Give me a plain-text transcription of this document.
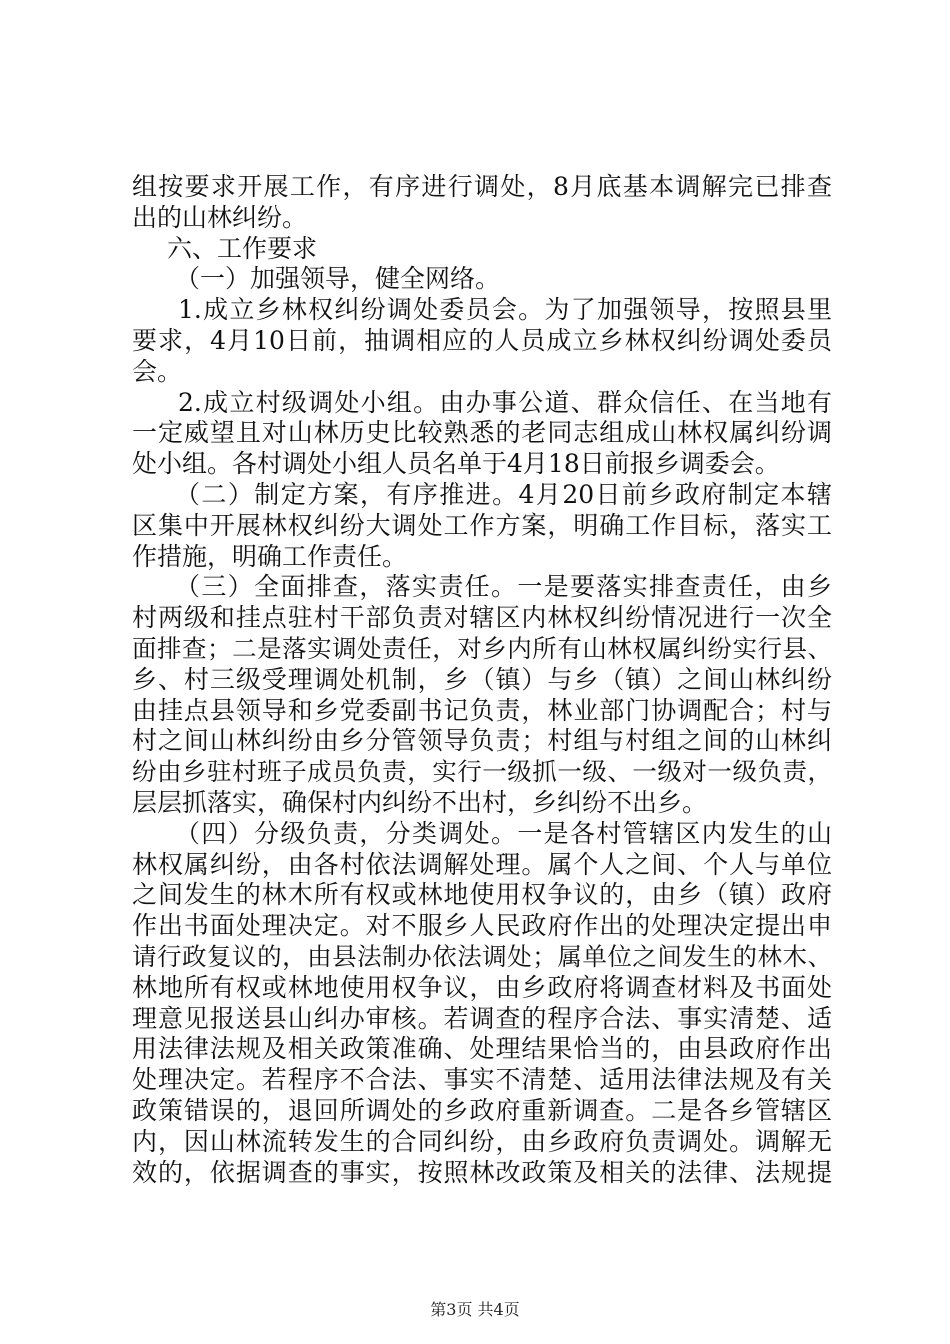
组按要求开展工作，有序进行调处，8月底基本调解完已排查
出的山林纠纷。
六、工作要求
（一）加强领导，健全网络。
1.成立乡林权纠纷调处委员会。为了加强领导，按照县里
要求，4月10日前，抽调相应的人员成立乡林权纠纷调处委员
会。
2.成立村级调处小组。由办事公道、群众信任、在当地有
一定威望且对山林历史比较熟悉的老同志组成山林权属纠纷调
处小组。各村调处小组人员名单于4月18日前报乡调委会。
（二）制定方案，有序推进。4月20日前乡政府制定本辖
区集中开展林权纠纷大调处工作方案，明确工作目标，落实工
作措施，明确工作责任。
（三）全面排查，落实责任。一是要落实排查责任，由乡
村两级和挂点驻村干部负责对辖区内林权纠纷情况进行一次全
面排查；二是落实调处责任，对乡内所有山林权属纠纷实行县、
乡、村三级受理调处机制，乡（镇）与乡（镇）之间山林纠纷
由挂点县领导和乡党委副书记负责，林业部门协调配合；村与
村之间山林纠纷由乡分管领导负责；村组与村组之间的山林纠
纷由乡驻村班子成员负责，实行一级抓一级、一级对一级负责，
层层抓落实，确保村内纠纷不出村，乡纠纷不出乡。
（四）分级负责，分类调处。一是各村管辖区内发生的山
林权属纠纷，由各村依法调解处理。属个人之间、个人与单位
之间发生的林木所有权或林地使用权争议的，由乡（镇）政府
作出书面处理决定。对不服乡人民政府作出的处理决定提出申
请行政复议的，由县法制办依法调处；属单位之间发生的林木、
林地所有权或林地使用权争议，由乡政府将调查材料及书面处
理意见报送县山纠办审核。若调查的程序合法、事实清楚、适
用法律法规及相关政策准确、处理结果恰当的，由县政府作出
处理决定。若程序不合法、事实不清楚、适用法律法规及有关
政策错误的，退回所调处的乡政府重新调查。二是各乡管辖区
内，因山林流转发生的合同纠纷，由乡政府负责调处。调解无
效的，依据调查的事实，按照林改政策及相关的法律、法规提
第3页 共4页
